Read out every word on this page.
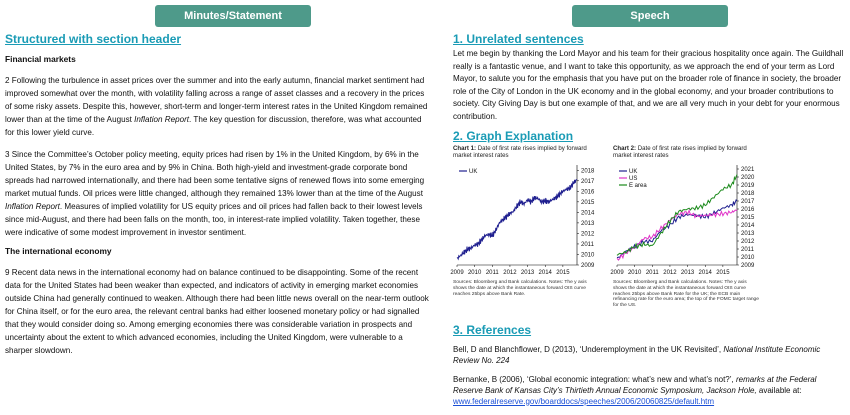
Minutes/Statement	Speech
Structured with section header
Financial markets

2 Following the turbulence in asset prices over the summer and into the early autumn, financial market sentiment had improved somewhat over the month, with volatility falling across a range of asset classes and a recovery in the prices of some risky assets. Despite this, however, short-term and longer-term interest rates in the United Kingdom remained lower than at the time of the August Inflation Report. The key question for discussion, therefore, was what accounted for this lower yield curve.

3 Since the Committee’s October policy meeting, equity prices had risen by 1% in the United Kingdom, by 6% in the United States, by 7% in the euro area and by 9% in China. Both high-yield and investment-grade corporate bond spreads had narrowed internationally, and there had been some tentative signs of renewed flows into some emerging market mutual funds. Oil prices were little changed, although they remained 13% lower than at the time of the August Inflation Report. Measures of implied volatility for US equity prices and oil prices had fallen back to their lowest levels since mid-August, and there had been falls on the month, too, in interest-rate implied volatility. Taken together, these were indicative of some modest improvement in investor sentiment.

The international economy

9 Recent data news in the international economy had on balance continued to be disappointing. Some of the recent data for the United States had been weaker than expected, and indicators of activity in emerging market economies outside China had generally continued to weaken. Although there had been little news overall on the near-term outlook for China itself, or for the euro area, the relevant central banks had either loosened monetary policy or had signalled that they would consider doing so. Among emerging economies there was considerable variation in prospects and uncertainty about the extent to which advanced economies, including the United Kingdom, were vulnerable to a sharper slowdown.

1. Unrelated sentences

Let me begin by thanking the Lord Mayor and his team for their gracious hospitality once again. The Guildhall really is a fantastic venue, and I want to take this opportunity, as we approach the end of your term as Lord Mayor, to salute you for the emphasis that you have put on the broader role of finance in society, the broader role of the City of London in the UK economy and in the global economy, and your broader contributions to society. City Giving Day is but one example of that, and we are all very much in your debt for your enormous contribution.

2. Graph Explanation
Chart 1: Date of first rate rises implied by forward market interest rates
2009 2010 2011 2012 2013 2014 2015
2009
2010
2011
2012
2013
2014
2015
2016
2017
2018
UK
Sources: Bloomberg and Bank calculations. Notes: The y axis shows the date at which the instantaneous forward OIS curve reaches 25bps above Bank Rate.
Chart 2: Date of first rate rises implied by forward market interest rates
2009 2010 2011 2012 2013 2014 2015
2009
2010
2011
2012
2013
2014
2015
2016
2017
2018
2019
2020
2021
UK
US
E area
Sources: Bloomberg and Bank calculations. Notes: The y axis shows the date at which the instantaneous forward OIS curve reaches 25bps above Bank Rate for the UK; the ECB main refinancing rate for the euro area; the top of the FOMC target range for the US.
3. References

Bell, D and Blanchflower, D (2013), ‘Underemployment in the UK Revisited’, National Institute Economic Review No. 224

Bernanke, B (2006), ‘Global economic integration: what’s new and what’s not?’, remarks at the Federal Reserve Bank of Kansas City’s Thirtieth Annual Economic Symposium, Jackson Hole, available at: www.federalreserve.gov/boarddocs/speeches/2006/20060825/default.htm
